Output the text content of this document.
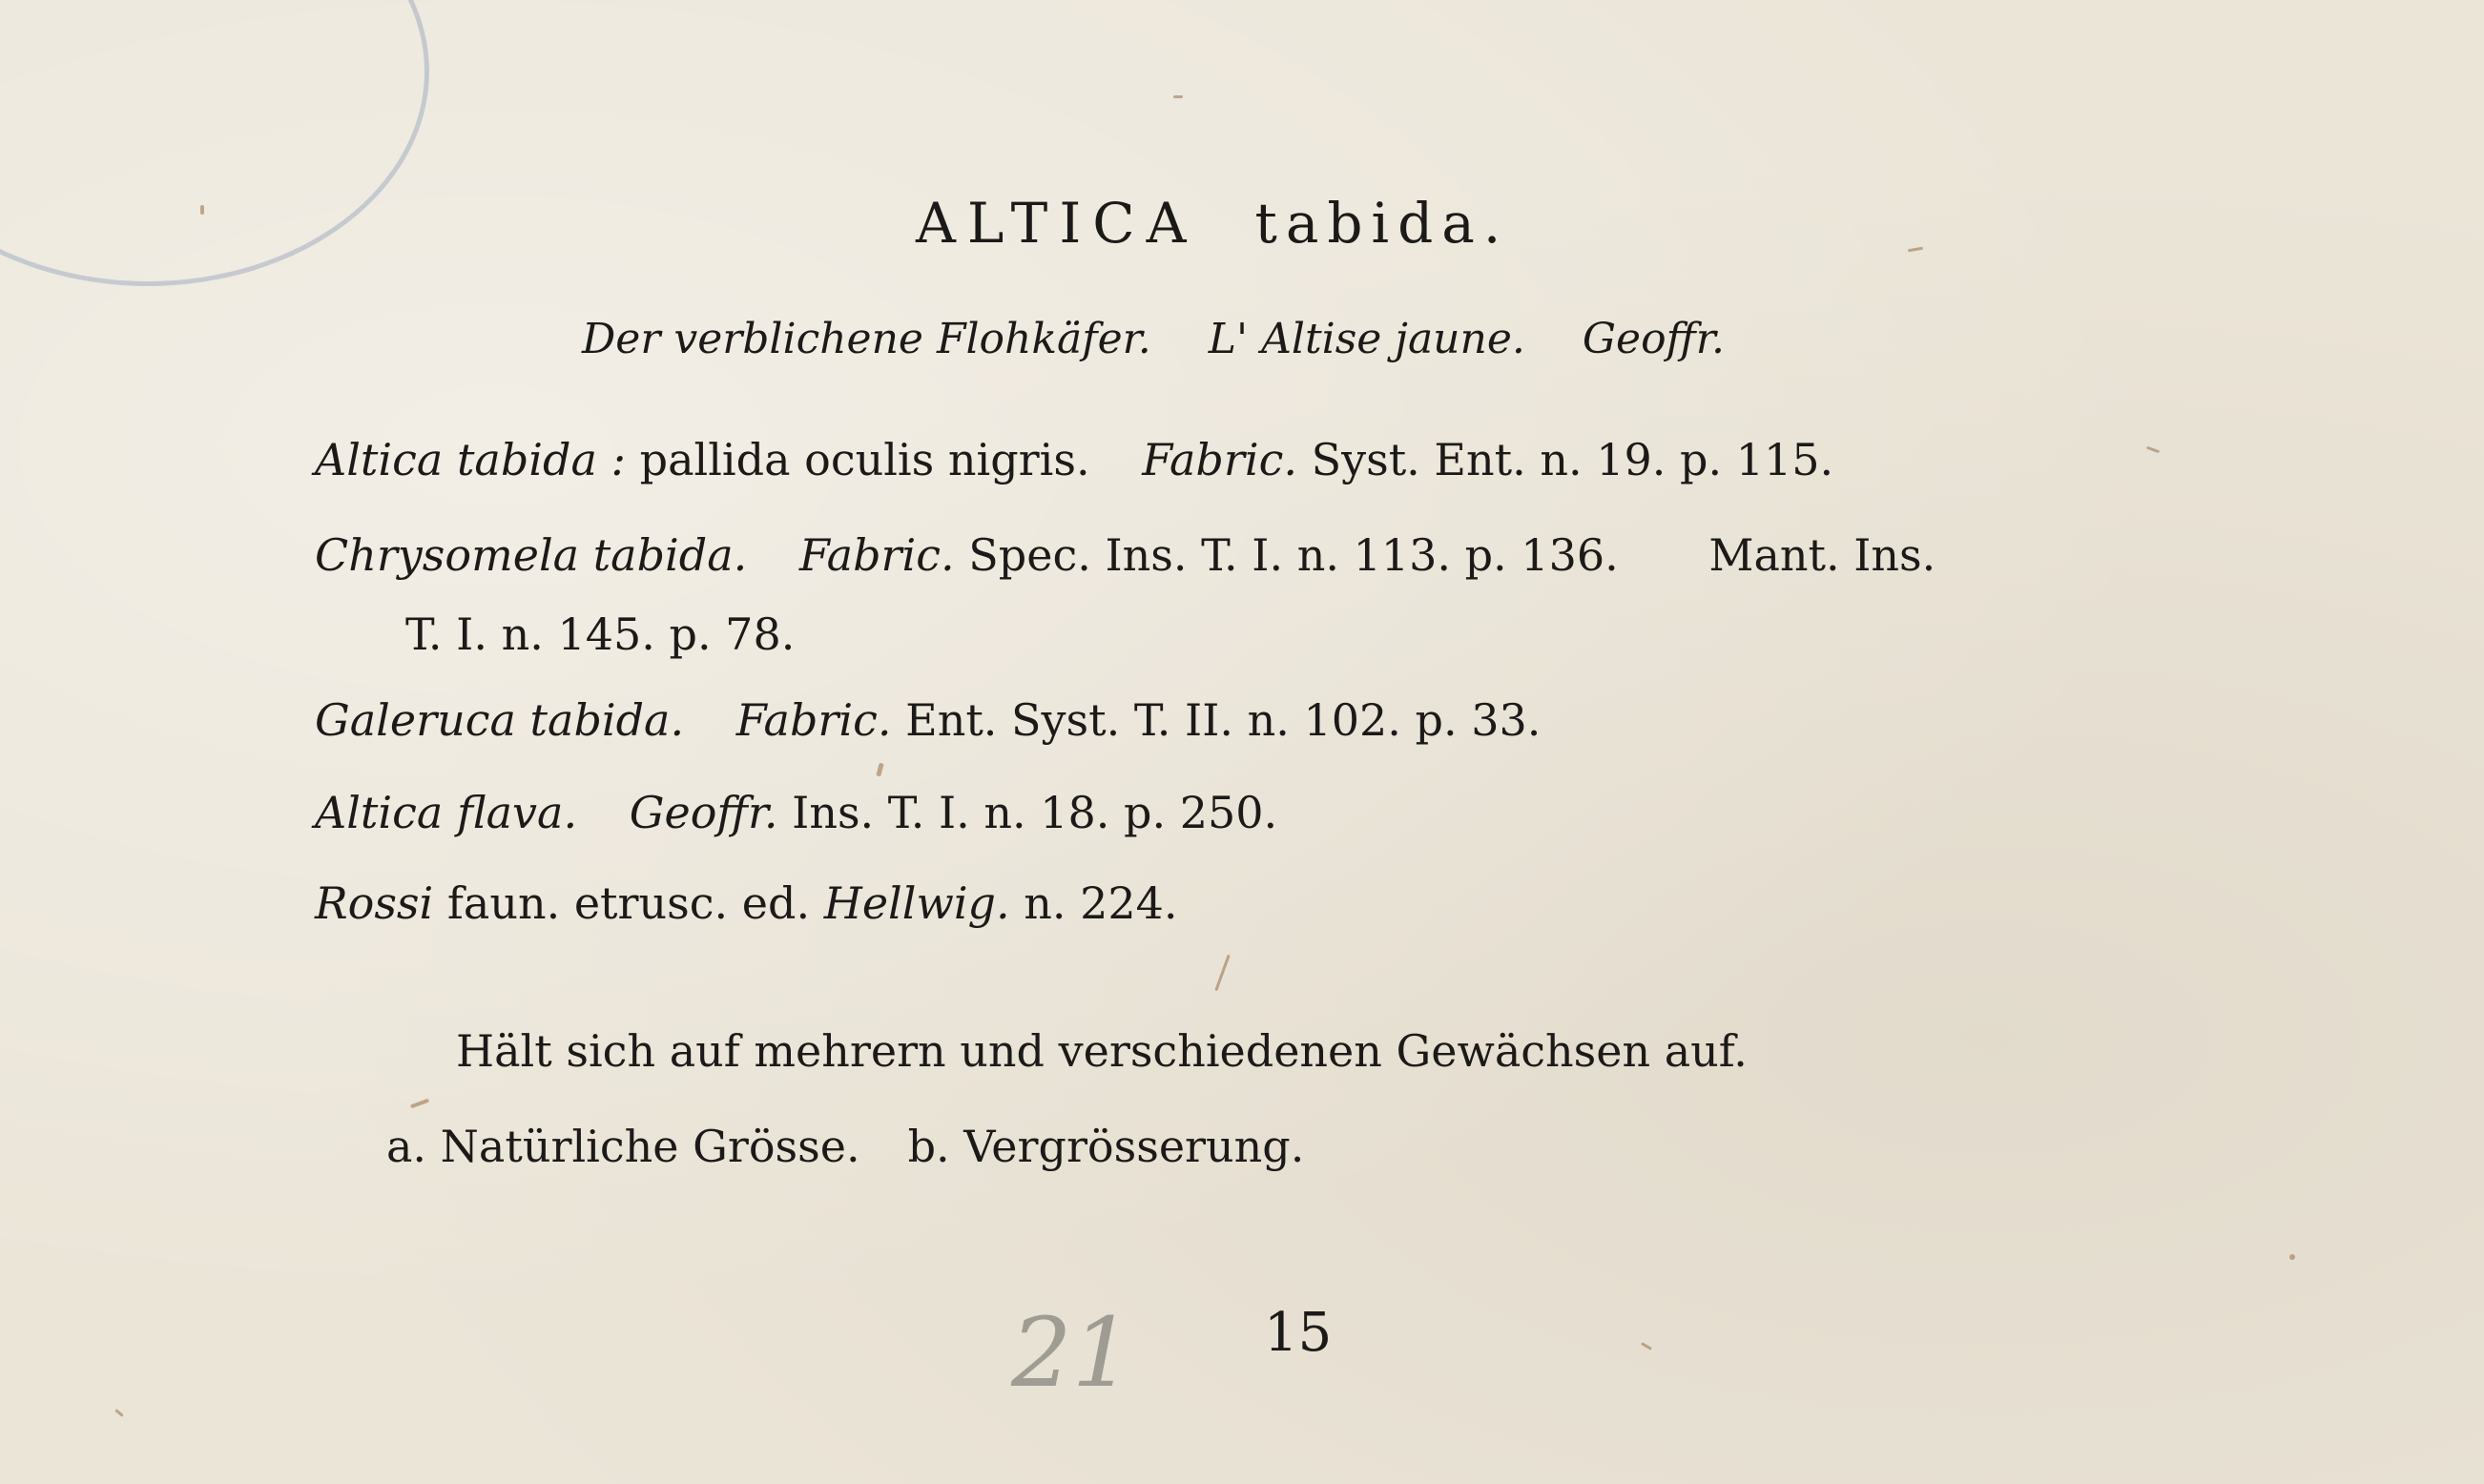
ALTICA tabida.
Der verblichene Flohkäfer. L' Altise jaune. Geoffr.
Altica tabida : pallida oculis nigris. Fabric. Syst. Ent. n. 19. p. 115.
Chrysomela tabida. Fabric. Spec. Ins. T. I. n. 113. p. 136. Mant. Ins.
T. I. n. 145. p. 78.
Galeruca tabida. Fabric. Ent. Syst. T. II. n. 102. p. 33.
Altica flava. Geoffr. Ins. T. I. n. 18. p. 250.
Rossi faun. etrusc. ed. Hellwig. n. 224.
Hält sich auf mehrern und verschiedenen Gewächsen auf.
a. Natürliche Grösse. b. Vergrösserung.
21 15
